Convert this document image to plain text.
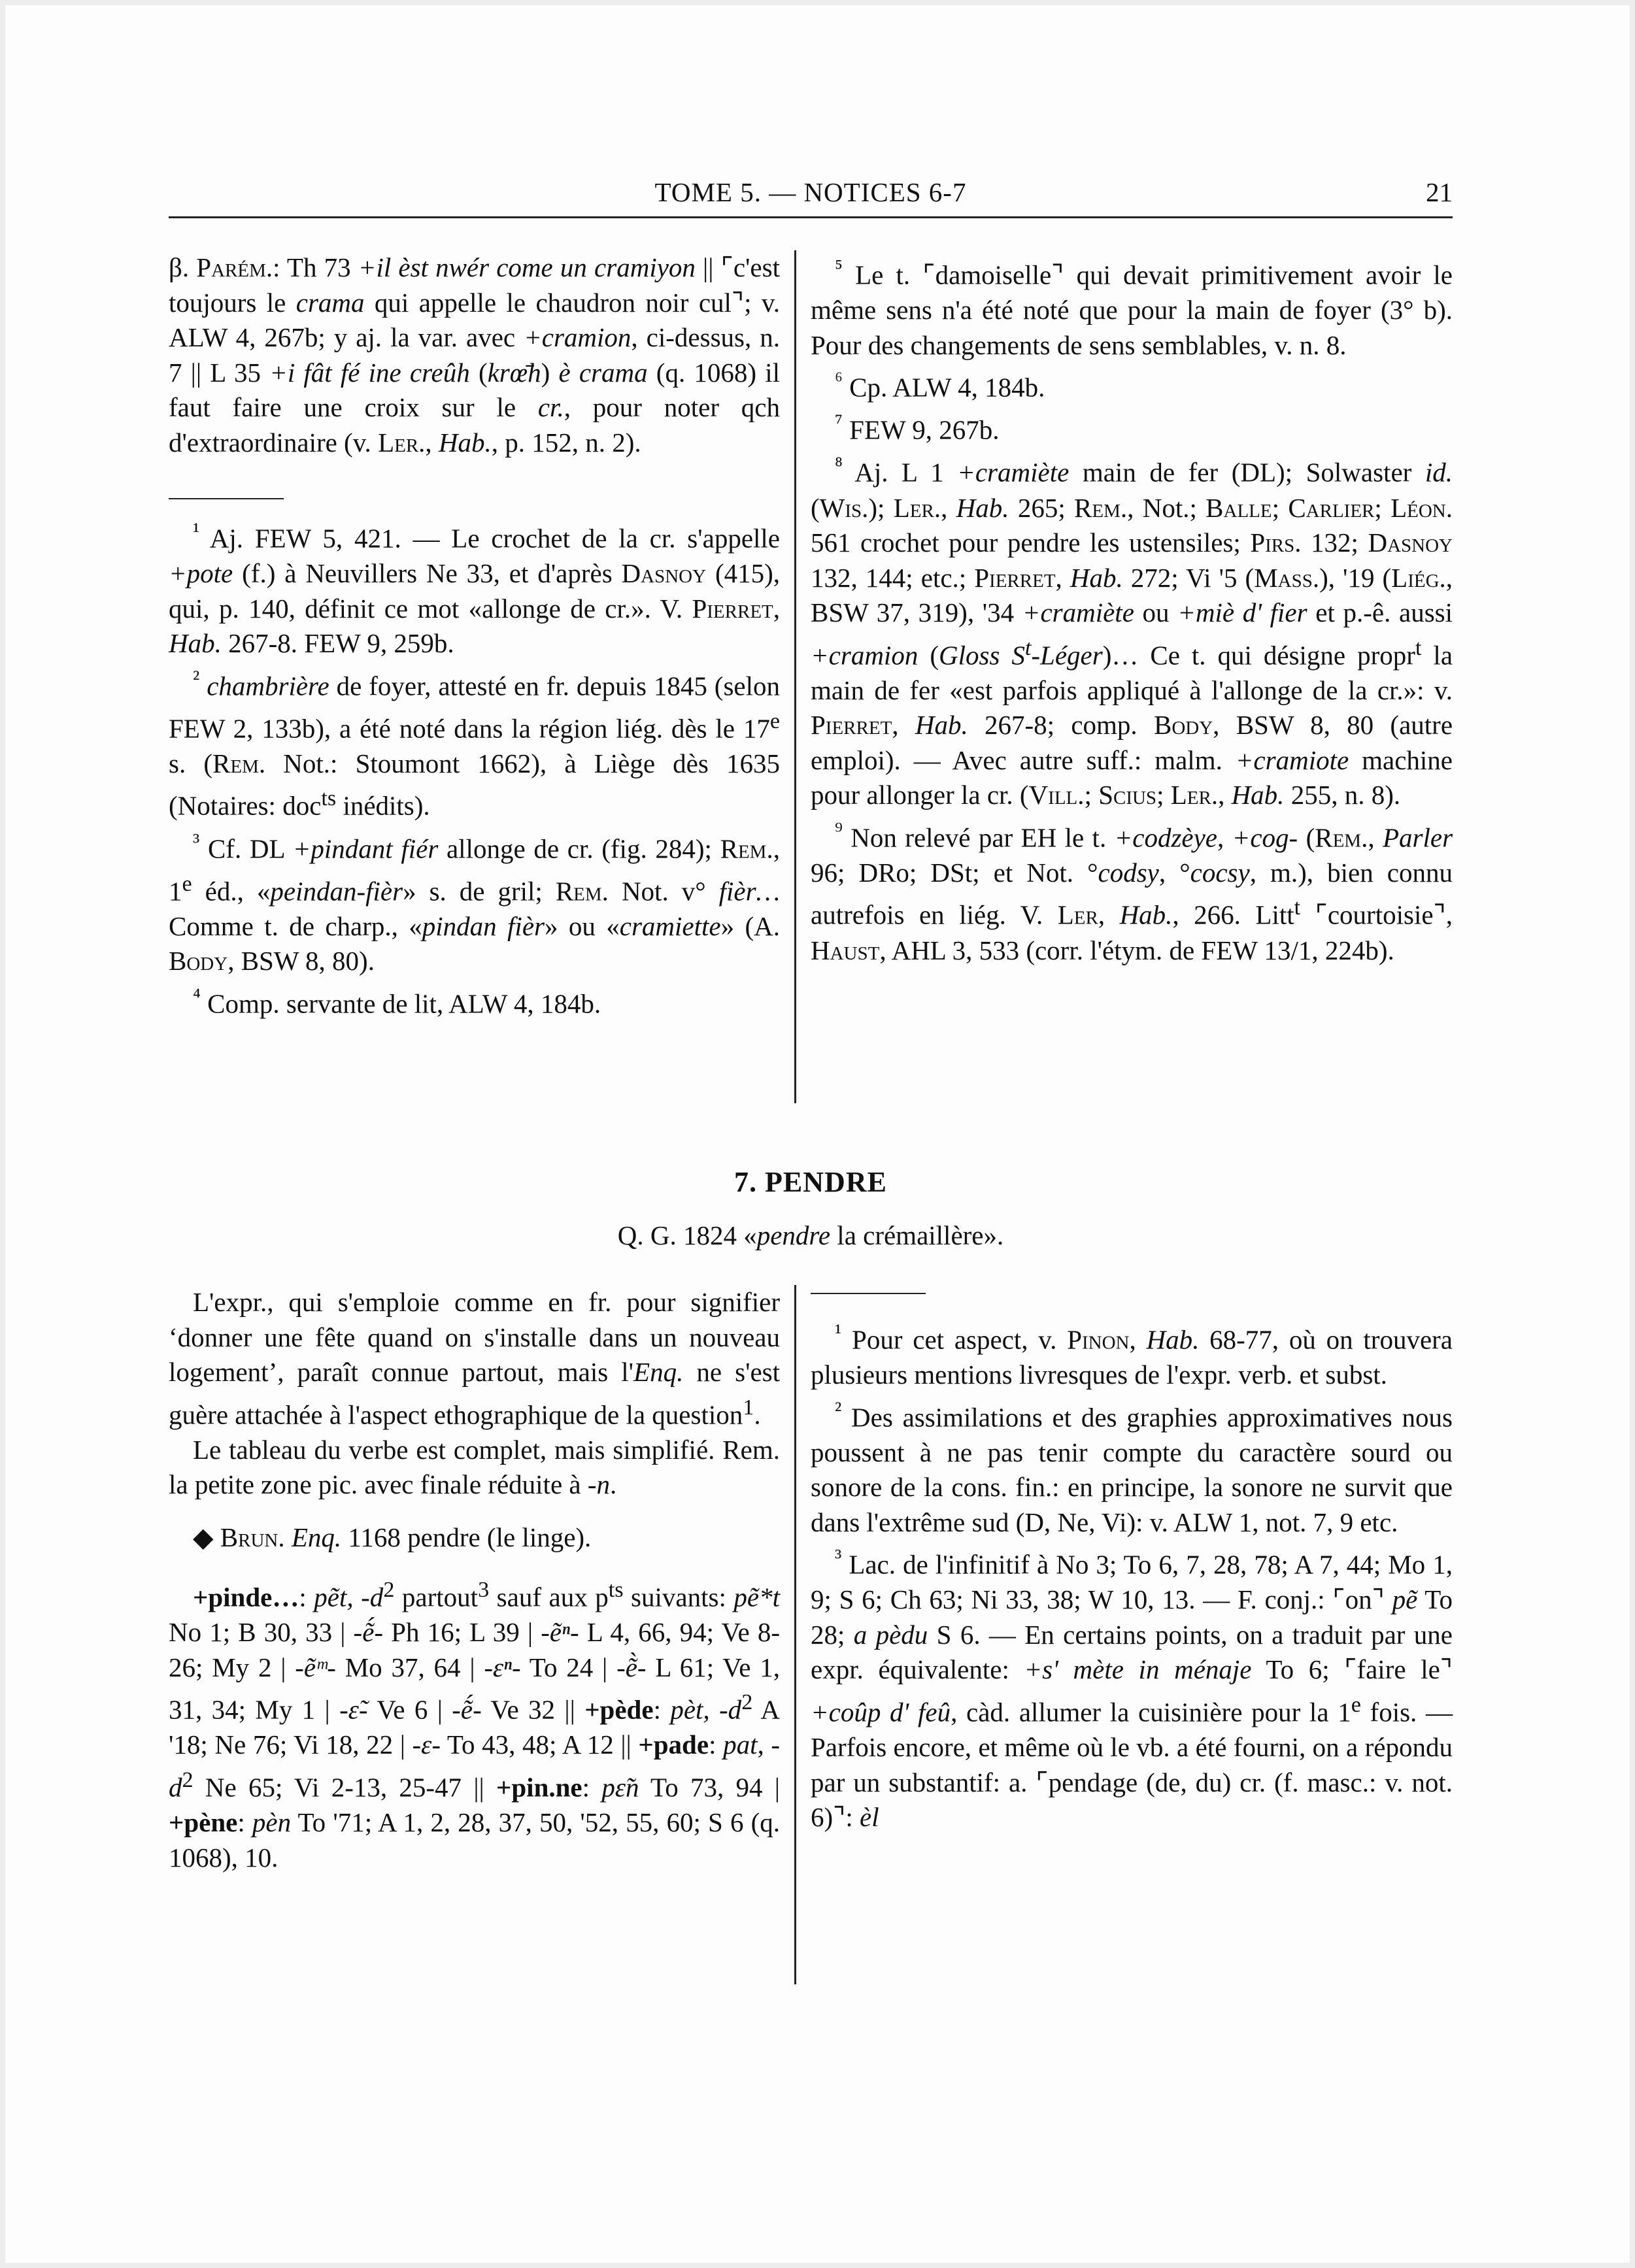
TOME 5. — NOTICES 6-7	21

β. Parém.: Th 73 +il èst nwér come un cramiyon || ⌜c'est toujours le crama qui appelle le chaudron noir cul⌝; v. ALW 4, 267b; y aj. la var. avec +cramion, ci-dessus, n. 7 || L 35 +i fât fé ine creûh (krœ̄h) è crama (q. 1068) il faut faire une croix sur le cr., pour noter qch d'extraordinaire (v. Ler., Hab., p. 152, n. 2).

$^{^1}$ Aj. FEW 5, 421. — Le crochet de la cr. s'appelle +pote (f.) à Neuvillers Ne 33, et d'après Dasnoy (415), qui, p. 140, définit ce mot «allonge de cr.». V. Pierret, Hab. 267-8. FEW 9, 259b.

$^{^2}$ chambrière de foyer, attesté en fr. depuis 1845 (selon FEW 2, 133b), a été noté dans la région liég. dès le 17e s. (Rem. Not.: Stoumont 1662), à Liège dès 1635 (Notaires: doc$^{ts}$ inédits).

$^{^3}$ Cf. DL +pindant fiér allonge de cr. (fig. 284); Rem., 1e éd., «peindan-fièr» s. de gril; Rem. Not. v° fièr… Comme t. de charp., «pindan fièr» ou «cramiette» (A. Body, BSW 8, 80).

$^{^4}$ Comp. servante de lit, ALW 4, 184b.

$^{^5}$ Le t. ⌜damoiselle⌝ qui devait primitivement avoir le même sens n'a été noté que pour la main de foyer (3° b). Pour des changements de sens semblables, v. n. 8.

$^{^6}$ Cp. ALW 4, 184b.

$^{^7}$ FEW 9, 267b.

$^{^8}$ Aj. L 1 +cramiète main de fer (DL); Solwaster id. (Wis.); Ler., Hab. 265; Rem., Not.; Balle; Carlier; Léon. 561 crochet pour pendre les ustensiles; Pirs. 132; Dasnoy 132, 144; etc.; Pierret, Hab. 272; Vi '5 (Mass.), '19 (Liég., BSW 37, 319), '34 +cramiète ou +miè d' fier et p.-ê. aussi +cramion (Gloss $S^t-Léger)\dots$ Ce t. qui désigne propr$^t$ la main de fer «est parfois appliqué à l'allonge de la cr.»: v. Pierret, Hab. 267-8; comp. Body, BSW 8, 80 (autre emploi). — Avec autre suff.: malm. +cramiote machine pour allonger la cr. (Vill.; Scius; Ler., Hab. 255, n. 8).

$^{^9}$ Non relevé par EH le t. +codzèye, +cog- (Rem., Parler 96; DRo; DSt; et Not. °codsy, °cocsy, m.), bien connu autrefois en liég. V. Ler, Hab., 266. Litt$^t$ ⌜courtoisie⌝, Haust, AHL 3, 533 (corr. l'étym. de FEW 13/1, 224b).

7. PENDRE
Q. G. 1824 «pendre la crémaillère».

L'expr., qui s'emploie comme en fr. pour signifier ‘donner une fête quand on s'installe dans un nouveau logement’, paraît connue partout, mais l'Enq. ne s'est guère attachée à l'aspect ethographique de la question$^1$.

Le tableau du verbe est complet, mais simplifié. Rem. la petite zone pic. avec finale réduite à -n.

◆ Brun. Enq. 1168 pendre (le linge).

+pinde…: pẽt, $-d^2$ partout$^3$ sauf aux $p^{ts}$ suivants: pẽ*t No 1; B 30, 33 | -ẽ́- Ph 16; L 39 | -ẽⁿ- L 4, 66, 94; Ve 8-26; My 2 | -ẽᵐ- Mo 37, 64 | -ɛⁿ- To 24 | -ẽ̀- L 61; Ve 1, 31, 34; My 1 | -ɛ̃- Ve 6 | -ẽ́- Ve 32 || +pède: pèt, $-d^2$ A '18; Ne 76; Vi 18, 22 | -ɛ- To 43, 48; A 12 || +pade: pat, $-d^2$ Ne 65; Vi 2-13, 25-47 || +pin.ne: pɛ̃n To 73, 94 | +pène: pèn To '71; A 1, 2, 28, 37, 50, '52, 55, 60; S 6 (q. 1068), 10.

$^{^1}$ Pour cet aspect, v. Pinon, Hab. 68-77, où on trouvera plusieurs mentions livresques de l'expr. verb. et subst.

$^{^2}$ Des assimilations et des graphies approximatives nous poussent à ne pas tenir compte du caractère sourd ou sonore de la cons. fin.: en principe, la sonore ne survit que dans l'extrême sud (D, Ne, Vi): v. ALW 1, not. 7, 9 etc.

$^{^3}$ Lac. de l'infinitif à No 3; To 6, 7, 28, 78; A 7, 44; Mo 1, 9; S 6; Ch 63; Ni 33, 38; W 10, 13. — F. conj.: ⌜on⌝ pẽ To 28; a pèdu S 6. — En certains points, on a traduit par une expr. équivalente: +s' mète in ménaje To 6; ⌜faire le⌝ +coûp d' feû, càd. allumer la cuisinière pour la 1e fois. — Parfois encore, et même où le vb. a été fourni, on a répondu par un substantif: a. ⌜pendage (de, du) cr. (f. masc.: v. not. 6)⌝: èl
